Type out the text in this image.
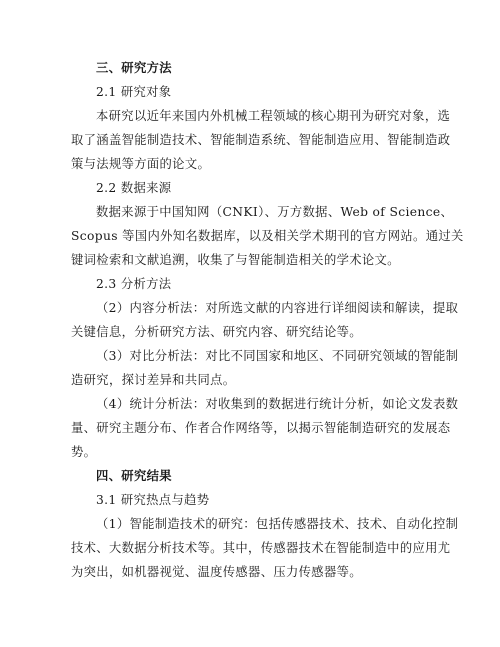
三、研究方法
2.1 研究对象
本研究以近年来国内外机械工程领域的核心期刊为研究对象，选
取了涵盖智能制造技术、智能制造系统、智能制造应用、智能制造政
策与法规等方面的论文。
2.2 数据来源
数据来源于中国知网（CNKI）、万方数据、Web of Science、
Scopus 等国内外知名数据库，以及相关学术期刊的官方网站。通过关
键词检索和文献追溯，收集了与智能制造相关的学术论文。
2.3 分析方法
（2）内容分析法：对所选文献的内容进行详细阅读和解读，提取
关键信息，分析研究方法、研究内容、研究结论等。
（3）对比分析法：对比不同国家和地区、不同研究领域的智能制
造研究，探讨差异和共同点。
（4）统计分析法：对收集到的数据进行统计分析，如论文发表数
量、研究主题分布、作者合作网络等，以揭示智能制造研究的发展态
势。
四、研究结果
3.1 研究热点与趋势
（1）智能制造技术的研究：包括传感器技术、技术、自动化控制
技术、大数据分析技术等。其中，传感器技术在智能制造中的应用尤
为突出，如机器视觉、温度传感器、压力传感器等。
